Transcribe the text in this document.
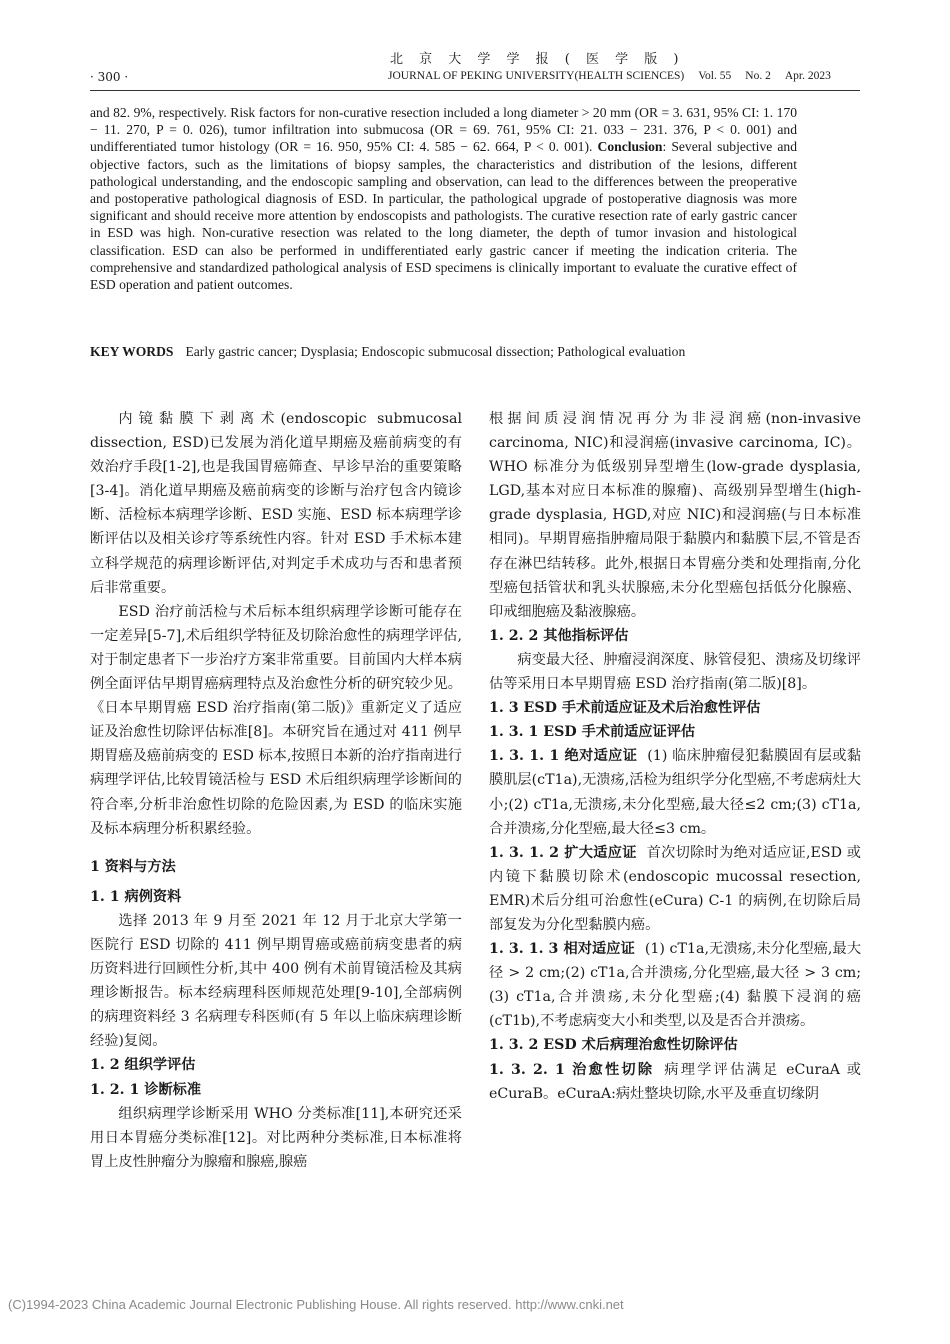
北 京 大 学 学 报 ( 医 学 版 )
· 300 ·	JOURNAL OF PEKING UNIVERSITY(HEALTH SCIENCES) Vol. 55 No. 2 Apr. 2023
and 82. 9%, respectively. Risk factors for non-curative resection included a long diameter > 20 mm (OR = 3. 631, 95% CI: 1. 170 − 11. 270, P = 0. 026), tumor infiltration into submucosa (OR = 69. 761, 95% CI: 21. 033 − 231. 376, P < 0. 001) and undifferentiated tumor histology (OR = 16. 950, 95% CI: 4. 585 − 62. 664, P < 0. 001). Conclusion: Several subjective and objective factors, such as the limitations of biopsy samples, the characteristics and distribution of the lesions, different pathological understanding, and the endoscopic sampling and observation, can lead to the differences between the preoperative and postoperative pathological diagnosis of ESD. In particular, the pathological upgrade of postoperative diagnosis was more significant and should receive more attention by endoscopists and pathologists. The curative resection rate of early gastric cancer in ESD was high. Non-curative resection was related to the long diameter, the depth of tumor invasion and histological classification. ESD can also be performed in undifferentiated early gastric cancer if meeting the indication criteria. The comprehensive and standardized pathological analysis of ESD specimens is clinically important to evaluate the curative effect of ESD operation and patient outcomes.
KEY WORDS Early gastric cancer; Dysplasia; Endoscopic submucosal dissection; Pathological evaluation

内镜黏膜下剥离术(endoscopic submucosal dissection, ESD)已发展为消化道早期癌及癌前病变的有效治疗手段[1-2],也是我国胃癌筛查、早诊早治的重要策略[3-4]。消化道早期癌及癌前病变的诊断与治疗包含内镜诊断、活检标本病理学诊断、ESD 实施、ESD 标本病理学诊断评估以及相关诊疗等系统性内容。针对 ESD 手术标本建立科学规范的病理诊断评估,对判定手术成功与否和患者预后非常重要。

ESD 治疗前活检与术后标本组织病理学诊断可能存在一定差异[5-7],术后组织学特征及切除治愈性的病理学评估,对于制定患者下一步治疗方案非常重要。目前国内大样本病例全面评估早期胃癌病理特点及治愈性分析的研究较少见。《日本早期胃癌 ESD 治疗指南(第二版)》重新定义了适应证及治愈性切除评估标准[8]。本研究旨在通过对 411 例早期胃癌及癌前病变的 ESD 标本,按照日本新的治疗指南进行病理学评估,比较胃镜活检与 ESD 术后组织病理学诊断间的符合率,分析非治愈性切除的危险因素,为 ESD 的临床实施及标本病理分析积累经验。

1 资料与方法

1. 1 病例资料

选择 2013 年 9 月至 2021 年 12 月于北京大学第一医院行 ESD 切除的 411 例早期胃癌或癌前病变患者的病历资料进行回顾性分析,其中 400 例有术前胃镜活检及其病理诊断报告。标本经病理科医师规范处理[9-10],全部病例的病理资料经 3 名病理专科医师(有 5 年以上临床病理诊断经验)复阅。

1. 2 组织学评估

1. 2. 1 诊断标准

组织病理学诊断采用 WHO 分类标准[11],本研究还采用日本胃癌分类标准[12]。对比两种分类标准,日本标准将胃上皮性肿瘤分为腺瘤和腺癌,腺癌

根据间质浸润情况再分为非浸润癌(non-invasive carcinoma, NIC)和浸润癌(invasive carcinoma, IC)。WHO 标准分为低级别异型增生(low-grade dysplasia, LGD,基本对应日本标准的腺瘤)、高级别异型增生(high-grade dysplasia, HGD,对应 NIC)和浸润癌(与日本标准相同)。早期胃癌指肿瘤局限于黏膜内和黏膜下层,不管是否存在淋巴结转移。此外,根据日本胃癌分类和处理指南,分化型癌包括管状和乳头状腺癌,未分化型癌包括低分化腺癌、印戒细胞癌及黏液腺癌。

1. 2. 2 其他指标评估

病变最大径、肿瘤浸润深度、脉管侵犯、溃疡及切缘评估等采用日本早期胃癌 ESD 治疗指南(第二版)[8]。

1. 3 ESD 手术前适应证及术后治愈性评估

1. 3. 1 ESD 手术前适应证评估

1. 3. 1. 1 绝对适应证 (1) 临床肿瘤侵犯黏膜固有层或黏膜肌层(cT1a),无溃疡,活检为组织学分化型癌,不考虑病灶大小;(2) cT1a,无溃疡,未分化型癌,最大径≤2 cm;(3) cT1a,合并溃疡,分化型癌,最大径≤3 cm。

1. 3. 1. 2 扩大适应证 首次切除时为绝对适应证,ESD 或内镜下黏膜切除术(endoscopic mucossal resection, EMR)术后分组可治愈性(eCura) C-1 的病例,在切除后局部复发为分化型黏膜内癌。

1. 3. 1. 3 相对适应证 (1) cT1a,无溃疡,未分化型癌,最大径 > 2 cm;(2) cT1a,合并溃疡,分化型癌,最大径 > 3 cm;(3) cT1a,合并溃疡,未分化型癌;(4) 黏膜下浸润的癌(cT1b),不考虑病变大小和类型,以及是否合并溃疡。

1. 3. 2 ESD 术后病理治愈性切除评估

1. 3. 2. 1 治愈性切除 病理学评估满足 eCuraA 或 eCuraB。eCuraA:病灶整块切除,水平及垂直切缘阴

(C)1994-2023 China Academic Journal Electronic Publishing House. All rights reserved. http://www.cnki.net
